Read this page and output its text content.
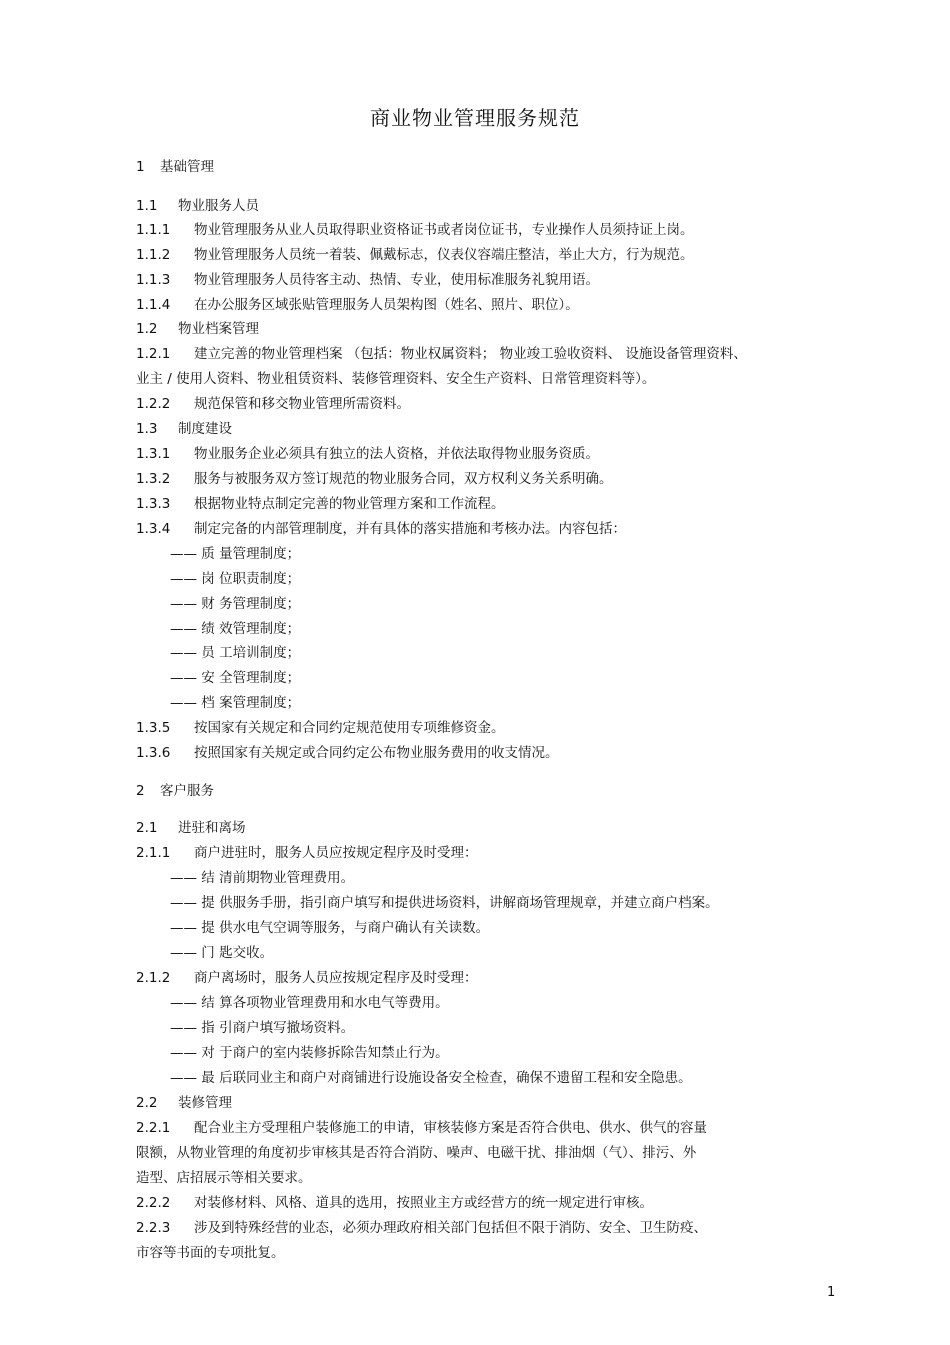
商业物业管理服务规范
1 基础管理
1.1 物业服务人员
1.1.1 物业管理服务从业人员取得职业资格证书或者岗位证书，专业操作人员须持证上岗。
1.1.2 物业管理服务人员统一着装、佩戴标志，仪表仪容端庄整洁，举止大方，行为规范。
1.1.3 物业管理服务人员待客主动、热情、专业，使用标准服务礼貌用语。
1.1.4 在办公服务区域张贴管理服务人员架构图（姓名、照片、职位）。
1.2 物业档案管理
1.2.1 建立完善的物业管理档案 （包括：物业权属资料； 物业竣工验收资料、 设施设备管理资料、
业主 / 使用人资料、物业租赁资料、装修管理资料、安全生产资料、日常管理资料等）。
1.2.2 规范保管和移交物业管理所需资料。
1.3 制度建设
1.3.1 物业服务企业必须具有独立的法人资格，并依法取得物业服务资质。
1.3.2 服务与被服务双方签订规范的物业服务合同，双方权利义务关系明确。
1.3.3 根据物业特点制定完善的物业管理方案和工作流程。
1.3.4 制定完备的内部管理制度，并有具体的落实措施和考核办法。内容包括：
—— 质 量管理制度；
—— 岗 位职责制度；
—— 财 务管理制度；
—— 绩 效管理制度；
—— 员 工培训制度；
—— 安 全管理制度；
—— 档 案管理制度；
1.3.5 按国家有关规定和合同约定规范使用专项维修资金。
1.3.6 按照国家有关规定或合同约定公布物业服务费用的收支情况。
2 客户服务
2.1 进驻和离场
2.1.1 商户进驻时，服务人员应按规定程序及时受理：
—— 结 清前期物业管理费用。
—— 提 供服务手册，指引商户填写和提供进场资料，讲解商场管理规章，并建立商户档案。
—— 提 供水电气空调等服务，与商户确认有关读数。
—— 门 匙交收。
2.1.2 商户离场时，服务人员应按规定程序及时受理：
—— 结 算各项物业管理费用和水电气等费用。
—— 指 引商户填写撤场资料。
—— 对 于商户的室内装修拆除告知禁止行为。
—— 最 后联同业主和商户对商铺进行设施设备安全检查，确保不遗留工程和安全隐患。
2.2 装修管理
2.2.1 配合业主方受理租户装修施工的申请，审核装修方案是否符合供电、供水、供气的容量
限额，从物业管理的角度初步审核其是否符合消防、噪声、电磁干扰、排油烟（气）、排污、外
造型、店招展示等相关要求。
2.2.2 对装修材料、风格、道具的选用，按照业主方或经营方的统一规定进行审核。
2.2.3 涉及到特殊经营的业态，必须办理政府相关部门包括但不限于消防、安全、卫生防疫、
市容等书面的专项批复。
1
